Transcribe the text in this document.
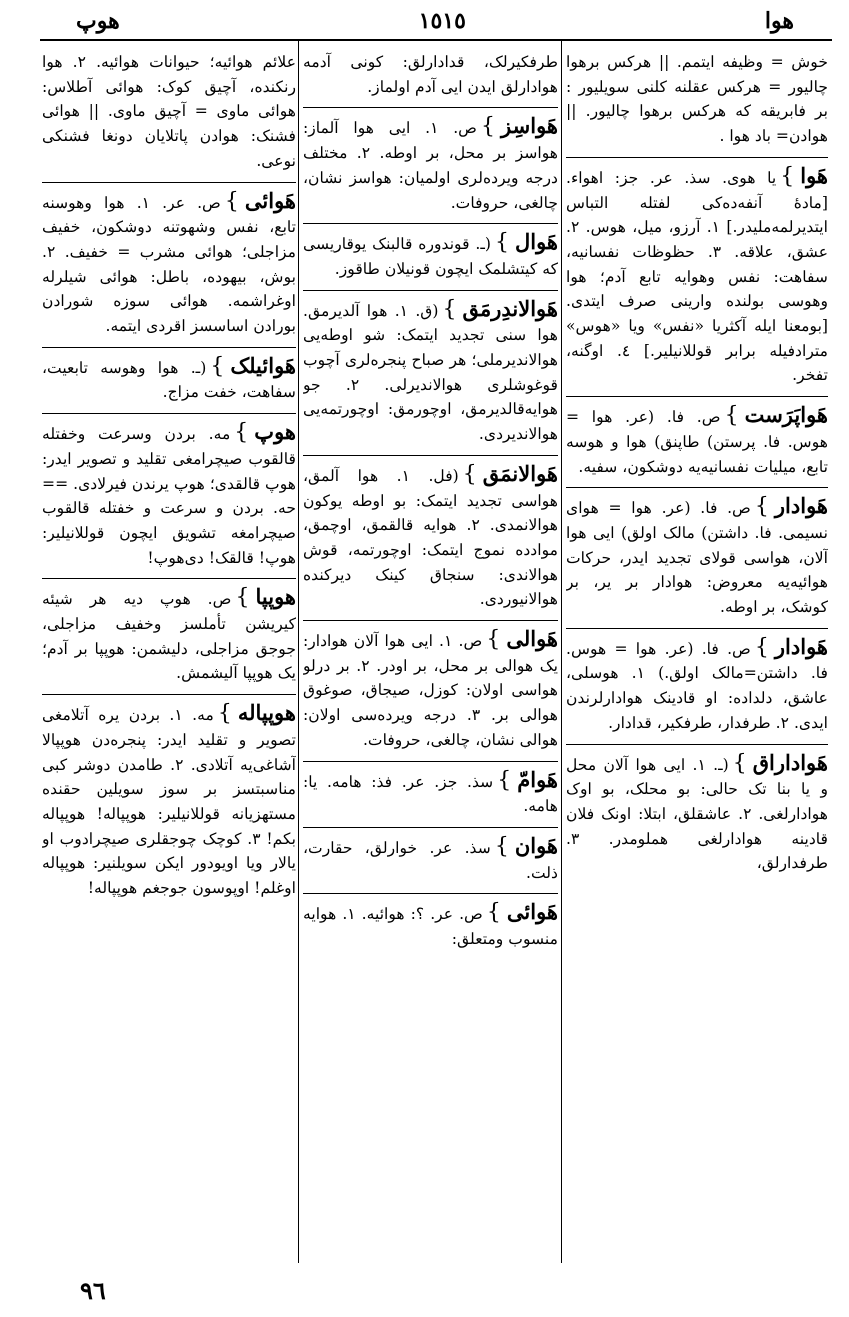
هوا
١٥١٥
هوپ
خوش = وظیفه ایتمم. || هرکس برهوا چالیور = هرکس عقلنه کلنی سویلیور : بر فابریقه که هرکس برهوا چالیور. ||هوادن= باد هوا .
هَوا}یا هوی. سذ. عر. جز: اهواء. [مادهٔ آنفه‌ده‌کی لفتله التباس ایتدیرلمه‌ملیدر.] ١. آرزو، میل، هوس. ٢. عشق، علاقه. ٣. حظوظات نفسانیه، سفاهت: نفس وهوایه تابع آدم؛ هوا وهوسی بولنده وارینی صرف ایتدی. [بومعنا ایله آکثریا «نفس» ویا «هوس» مترادفیله برابر قوللانیلیر.] ٤. اوگنه، تفخر.
هَواپَرَست}ص. فا. (عر. هوا = هوس. فا. پرستن) طاپنق) هوا و هوسه تابع، میلیات نفسانیه‌یه دوشکون، سفیه.
هَوادار}ص. فا. (عر. هوا = هوای نسیمی. فا. داشتن) مالک اولق) ایی هوا آلان، هواسی قولای تجدید ایدر، حرکات هوائیه‌یه معروض: هوادار بر یر، بر کوشک، بر اوطه.
هَوادار}ص. فا. (عر. هوا = هوس. فا. داشتن=مالک اولق.) ١. هوسلی، عاشق، دلداده: او قادینک هوادارلرندن ایدی. ٢. طرفدار، طرفکیر، قدادار.
هَواداراق}(ـ. ١. ایی هوا آلان محل و یا بنا تک حالی: بو محلک، بو اوک هوادارلغی. ٢. عاشقلق، ابتلا: اونک فلان قادینه هوادارلغی هملومدر. ٣. طرفدارلق،
طرفکیرلک، قدادارلق: کونی آدمه هوادارلق ایدن ایی آدم اولماز.
هَواسِز}ص. ١. ایی هوا آلماز: هواسز بر محل، بر اوطه. ٢. مختلف درجه ویرده‌لری اولمیان: هواسز نشان، چالغی، حروفات.
هَوال}(ـ. قوندوره قالبنک یوقاریسی که کیتشلمک ایچون قونیلان طاقوز.
هَوالاندِرمَق}(ق. ١. هوا آلدیرمق. هوا سنی تجدید ایتمک: شو اوطه‌یی هوالاندیرملی؛ هر صباح پنجره‌لری آچوب قوغوشلری هوالاندیرلی. ٢. جو هوایه‌قالدیرمق، اوچورمق: اوچورتمه‌یی هوالاندیردی.
هَوالانمَق}(فل. ١. هوا آلمق، هواسی تجدید ایتمک: بو اوطه یوکون هوالانمدی. ٢. هوایه قالقمق، اوچمق، موادده نموج ایتمک: اوچورتمه، قوش هوالاندی: سنجاق کینک دیرکنده هوالانیوردی.
هَوالی}ص. ١. ایی هوا آلان هوادار: یک هوالی بر محل، بر اودر. ٢. بر درلو هواسی اولان: کوزل، صیجاق، صوغوق هوالی بر. ٣. درجه ویرده‌سی اولان: هوالی نشان، چالغی، حروفات.
هَوامّ}سذ. جز. عر. فذ: هامه. یا: هامه.
هَوان}سذ. عر. خوارلق، حقارت، ذلت.
هَوائی}ص. عر. ؟: هوائیه. ١. هوایه منسوب ومتعلق:
علائم هوائیه؛ حیوانات هوائیه. ٢. هوا رنکنده، آچیق کوک: هوائی آطلاس: هوائی ماوی = آچیق ماوی. || هوائی فشنک: هوادن پاتلایان دونغا فشنکی نوعی.
هَوائی}ص. عر. ١. هوا وهوسنه تابع، نفس وشهوتنه دوشکون، خفیف مزاجلی؛ هوائی مشرب = خفیف. ٢. بوش، بیهوده، باطل: هوائی شیلرله اوغراشمه. هوائی سوزه شورادن بورادن اساسسز اقردی ایتمه.
هَوائیلک}(ـ. هوا وهوسه تابعیت، سفاهت، خفت مزاج.
هوپ}مه. بردن وسرعت وخفتله قالقوب صیچرامغی تقلید و تصویر ایدر: هوپ قالقدی؛ هوپ یرندن فیرلادی. == حه. بردن و سرعت و خفتله قالقوب صیچرامغه تشویق ایچون قوللانیلیر: هوپ! قالقک! دی‌هوپ!
هوپپا}ص. هوپ دیه هر شیئه کیریشن تأملسز وخفیف مزاجلی، جوجق مزاجلی، دلیشمن: هوپپا بر آدم؛ یک هوپپا آلیشمش.
هوپپاله}مه. ١. بردن یره آتلامغی تصویر و تقلید ایدر: پنجره‌دن هوپپالا آشاغی‌یه آتلادی. ٢. طامدن دوشر کبی مناسبتسز بر سوز سویلین حقنده مستهزیانه قوللانیلیر: هوپپاله! هوپپاله بکم! ٣. کوچک چوجقلری صیچرادوب او یالار ویا اویودور ایکن سویلنیر: هوپپاله اوغلم! اوپوسون جوجغم هوپپاله!
٩٦
